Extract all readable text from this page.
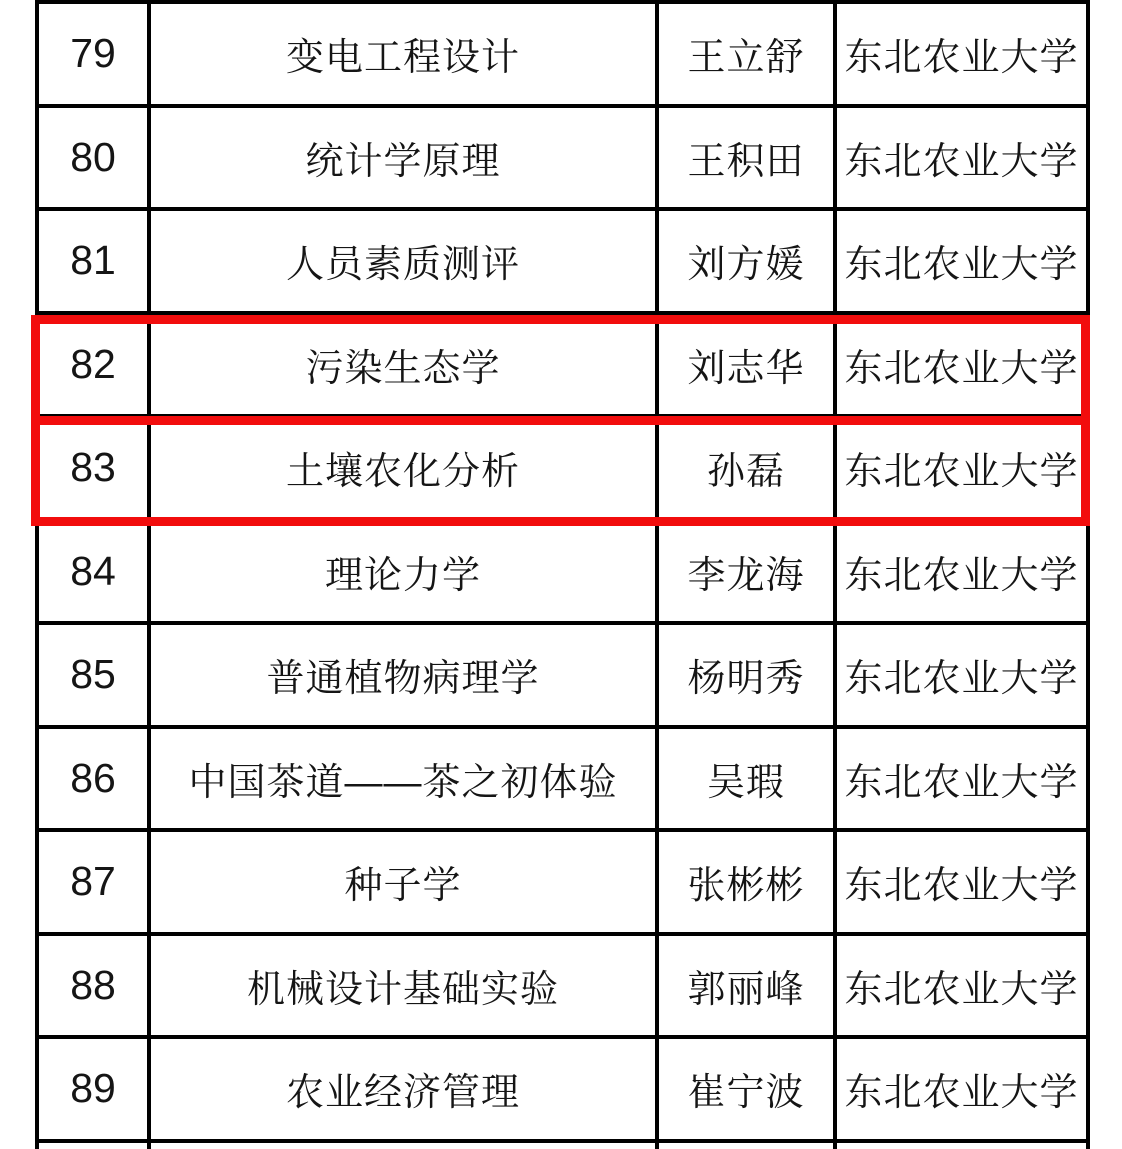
79	变电工程设计	王立舒	东北农业大学
80	统计学原理	王积田	东北农业大学
81	人员素质测评	刘方媛	东北农业大学
82	污染生态学	刘志华	东北农业大学
83	土壤农化分析	孙磊	东北农业大学
84	理论力学	李龙海	东北农业大学
85	普通植物病理学	杨明秀	东北农业大学
86	中国茶道——茶之初体验	吴瑕	东北农业大学
87	种子学	张彬彬	东北农业大学
88	机械设计基础实验	郭丽峰	东北农业大学
89	农业经济管理	崔宁波	东北农业大学
